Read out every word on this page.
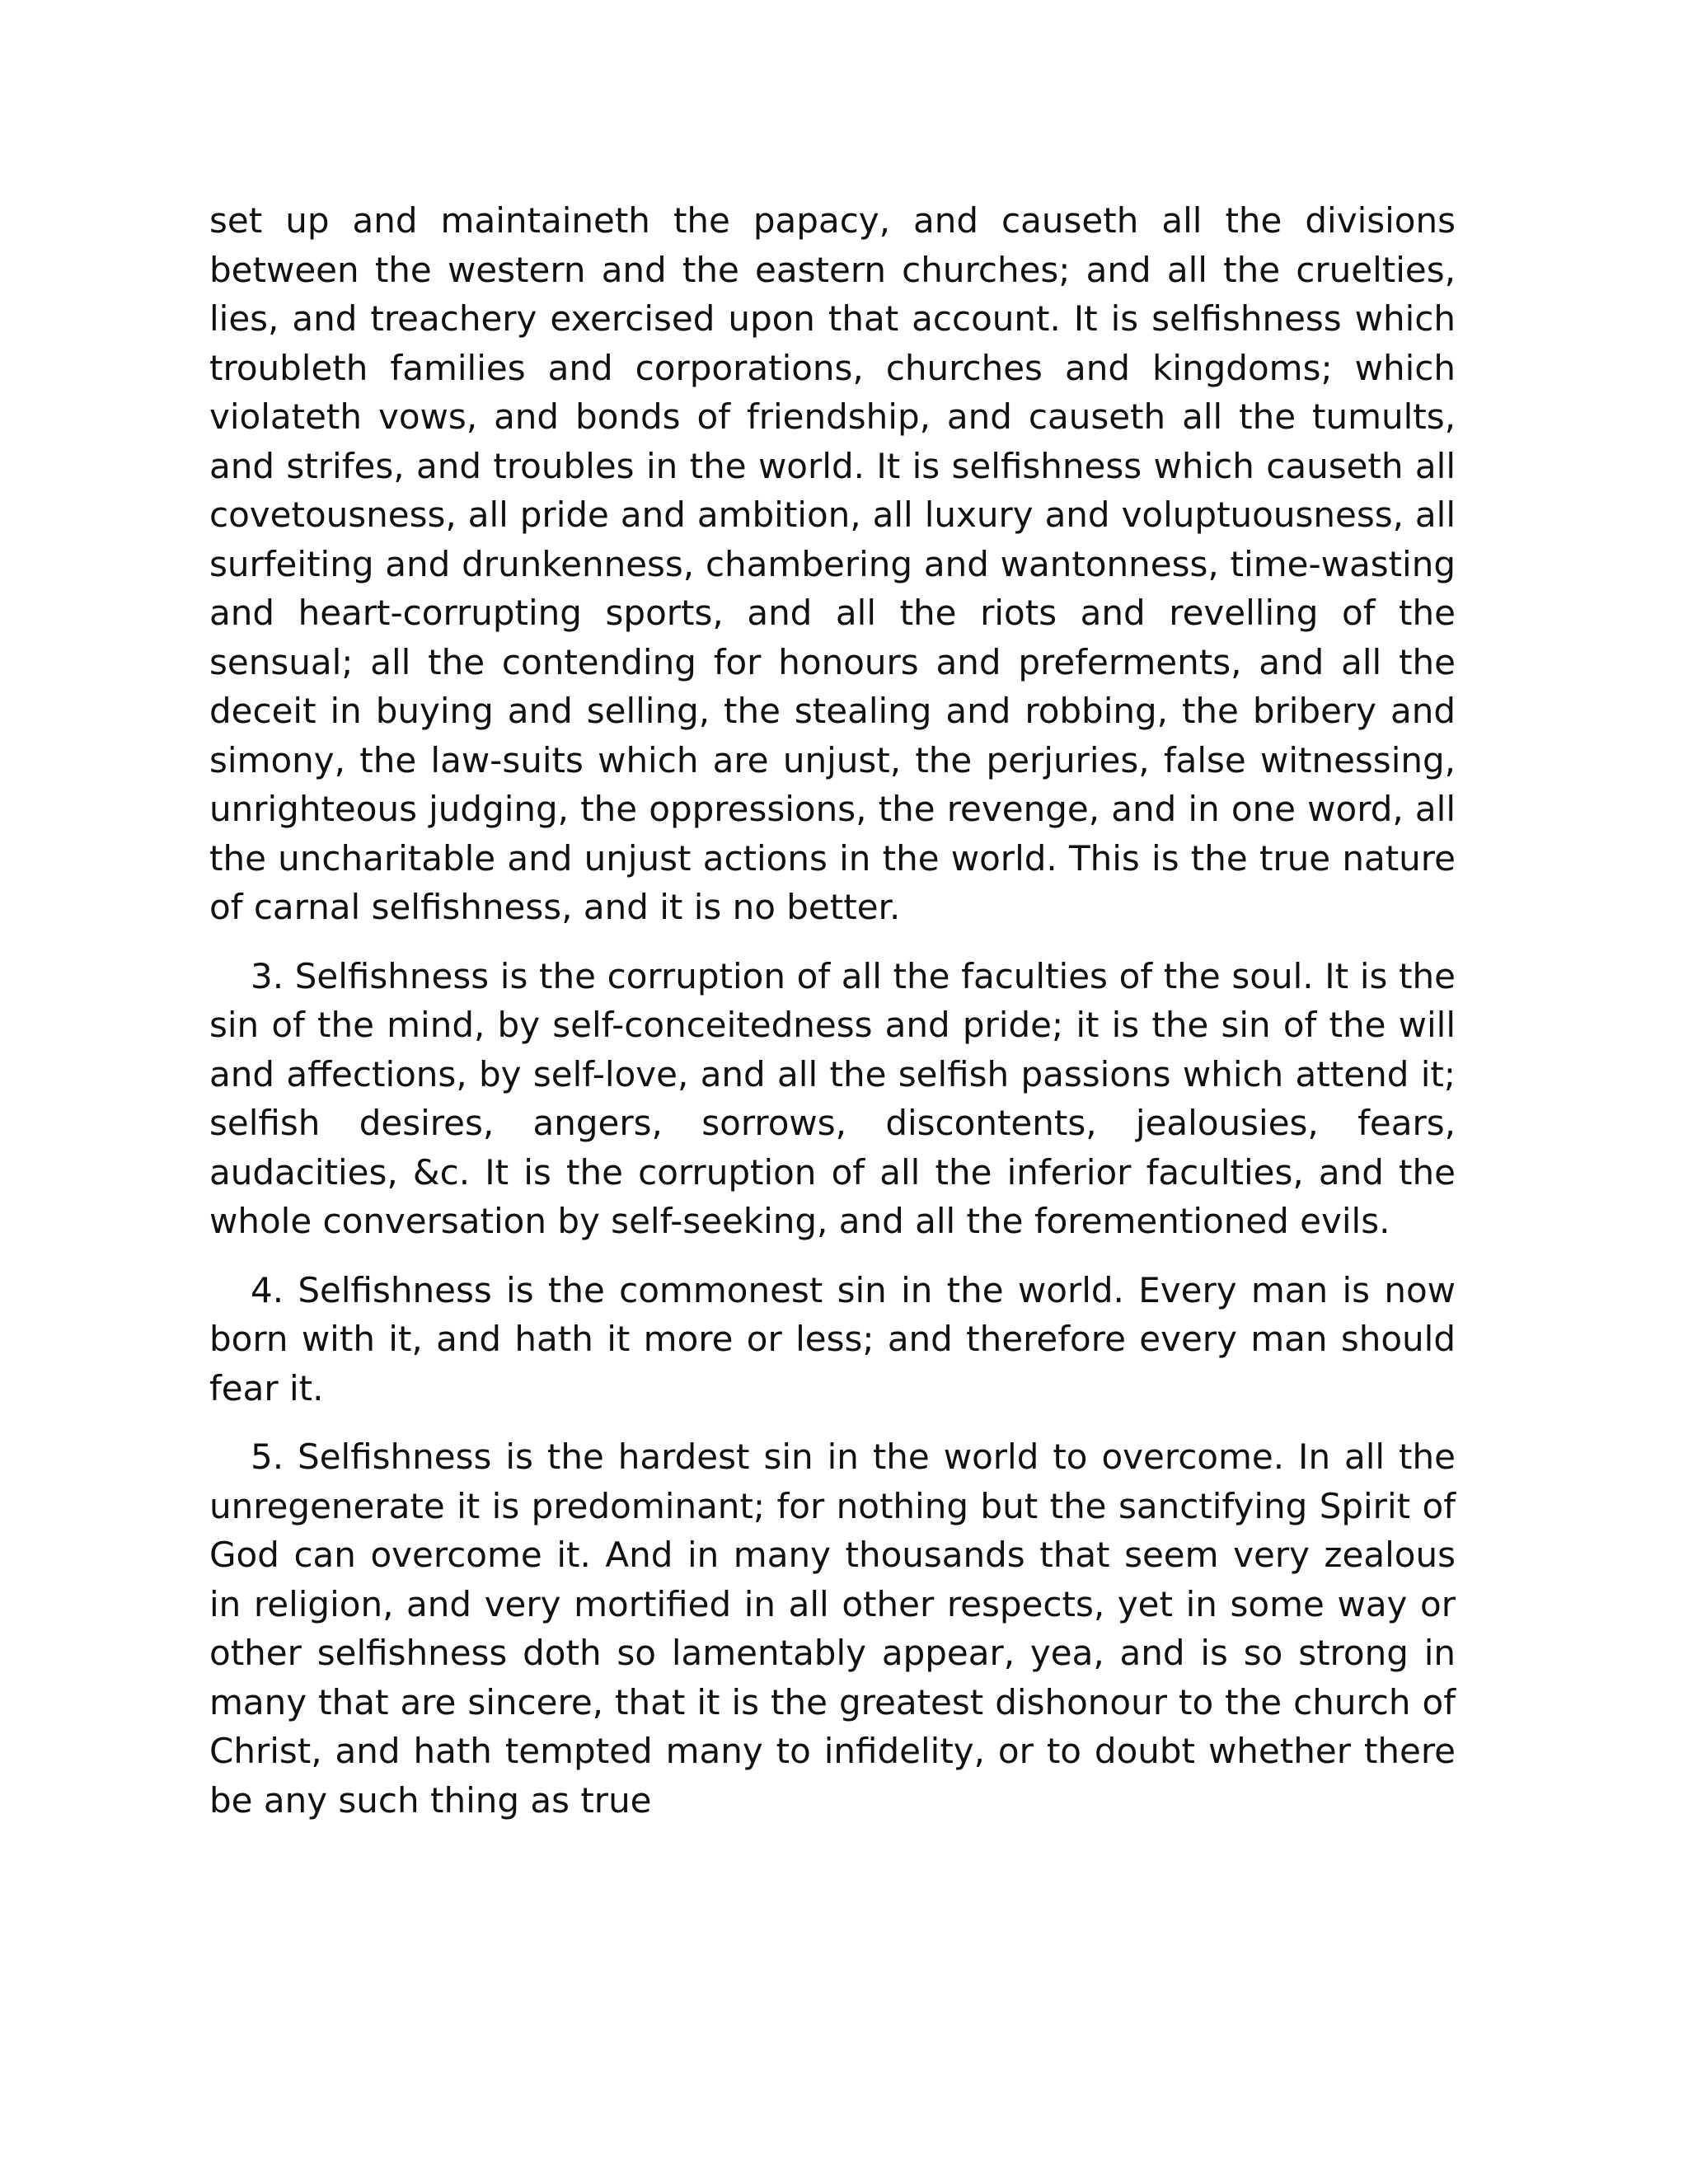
set up and maintaineth the papacy, and causeth all the divisions between the western and the eastern churches; and all the cruelties, lies, and treachery exercised upon that account. It is selfishness which troubleth families and corporations, churches and kingdoms; which violateth vows, and bonds of friendship, and causeth all the tumults, and strifes, and troubles in the world. It is selfishness which causeth all covetousness, all pride and ambition, all luxury and voluptuousness, all surfeiting and drunkenness, chambering and wantonness, time-wasting and heart-corrupting sports, and all the riots and revelling of the sensual; all the contending for honours and preferments, and all the deceit in buying and selling, the stealing and robbing, the bribery and simony, the law-suits which are unjust, the perjuries, false witnessing, unrighteous judging, the oppressions, the revenge, and in one word, all the uncharitable and unjust actions in the world. This is the true nature of carnal selfishness, and it is no better.

3. Selfishness is the corruption of all the faculties of the soul. It is the sin of the mind, by self-conceitedness and pride; it is the sin of the will and affections, by self-love, and all the selfish passions which attend it; selfish desires, angers, sorrows, discontents, jealousies, fears, audacities, &c. It is the corruption of all the inferior faculties, and the whole conversation by self-seeking, and all the forementioned evils.

4. Selfishness is the commonest sin in the world. Every man is now born with it, and hath it more or less; and therefore every man should fear it.

5. Selfishness is the hardest sin in the world to overcome. In all the unregenerate it is predominant; for nothing but the sanctifying Spirit of God can overcome it. And in many thousands that seem very zealous in religion, and very mortified in all other respects, yet in some way or other selfishness doth so lamentably appear, yea, and is so strong in many that are sincere, that it is the greatest dishonour to the church of Christ, and hath tempted many to infidelity, or to doubt whether there be any such thing as true
